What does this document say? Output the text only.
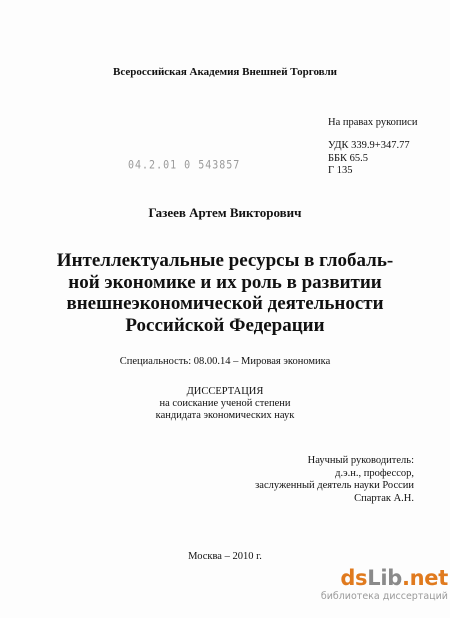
Всероссийская Академия Внешней Торговли

На правах рукописи

УДК 339.9+347.77
ББК 65.5
Г 135

04.2.01 0 543857

Газеев Артем Викторович

Интеллектуальные ресурсы в глобаль-
ной экономике и их роль в развитии
внешнеэкономической деятельности
Российской Федерации

Специальность: 08.00.14 – Мировая экономика

ДИССЕРТАЦИЯ
на соискание ученой степени
кандидата экономических наук
Научный руководитель:
д.э.н., профессор,
заслуженный деятель науки России
Спартак А.Н.

Москва – 2010 г.

ds Lib .net
библиотека диссертаций
